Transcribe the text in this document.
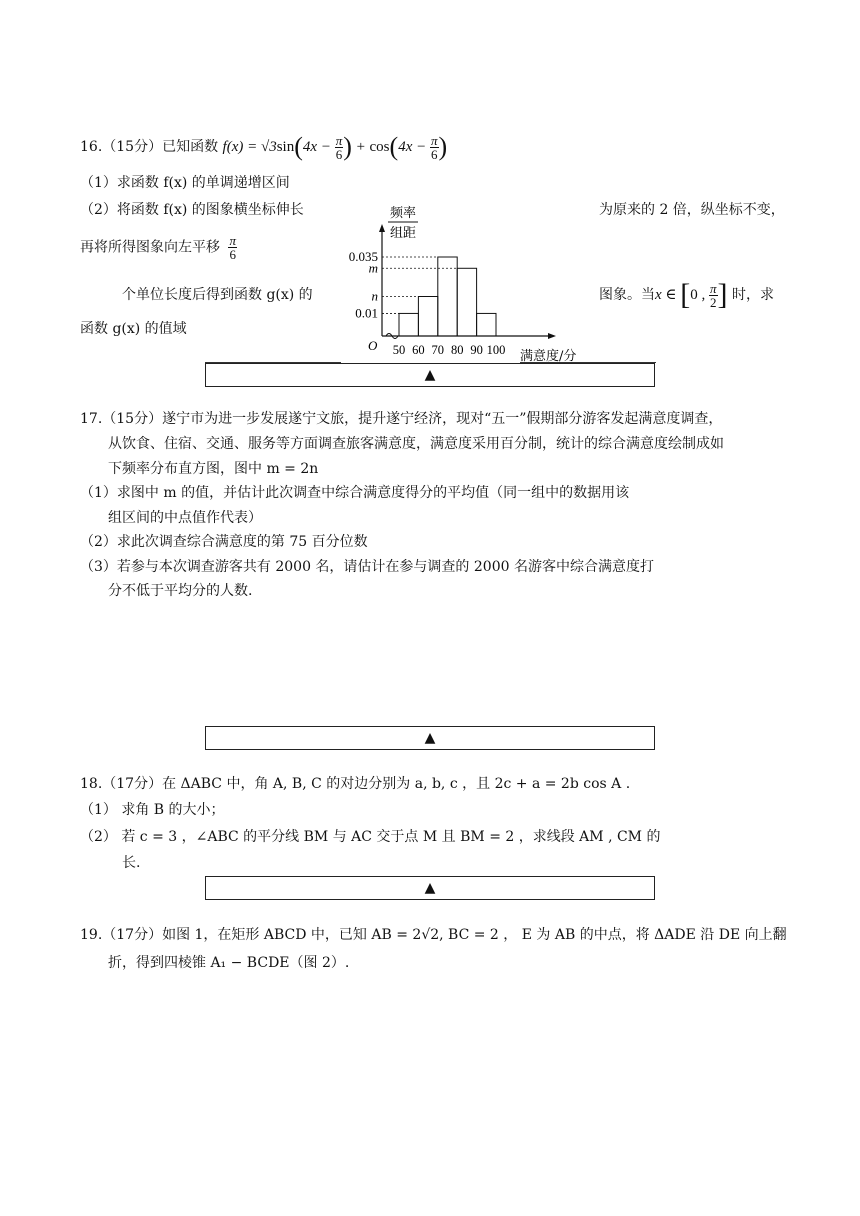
16.（15分）已知函数 $f(x) = √3\sin(4x - \frac{\pi}{6}$ ) + $\cos(4x - \frac{\pi}{6}$ )
（1）求函数 f(x) 的单调递增区间
（2）将函数 f(x) 的图象横坐标伸长	为原来的 2 倍，纵坐标不变，
再将所得图象向左平移 $\frac{\pi}{6}$
个单位长度后得到函数 g(x) 的	图象。当x ∈ [0 , $\frac{\pi}{2}$ ] 时，求
函数 g(x) 的值域
▲
频率
组距
O
0.035
m
n
0.01
50 60 70 80 90 100 满意度/分
17.（15分）遂宁市为进一步发展遂宁文旅，提升遂宁经济，现对“五一”假期部分游客发起满意度调查，
从饮食、住宿、交通、服务等方面调查旅客满意度，满意度采用百分制，统计的综合满意度绘制成如
下频率分布直方图，图中 m = 2n
（1）求图中 m 的值，并估计此次调查中综合满意度得分的平均值（同一组中的数据用该
组区间的中点值作代表）
（2）求此次调查综合满意度的第 75 百分位数
（3）若参与本次调查游客共有 2000 名，请估计在参与调查的 2000 名游客中综合满意度打
分不低于平均分的人数.
▲
18.（17分）在 ΔABC 中，角 A, B, C 的对边分别为 a, b, c ，且 2c + a = 2b cos A .
（1） 求角 B 的大小；
（2） 若 c = 3 ，∠ABC 的平分线 BM 与 AC 交于点 M 且 BM = 2 ，求线段 AM , CM 的
长.
▲
19.（17分）如图 1，在矩形 ABCD 中，已知 AB = 2√2, BC = 2 ， E 为 AB 的中点，将 ΔADE 沿 DE 向上翻
折，得到四棱锥 A₁ − BCDE（图 2）.
